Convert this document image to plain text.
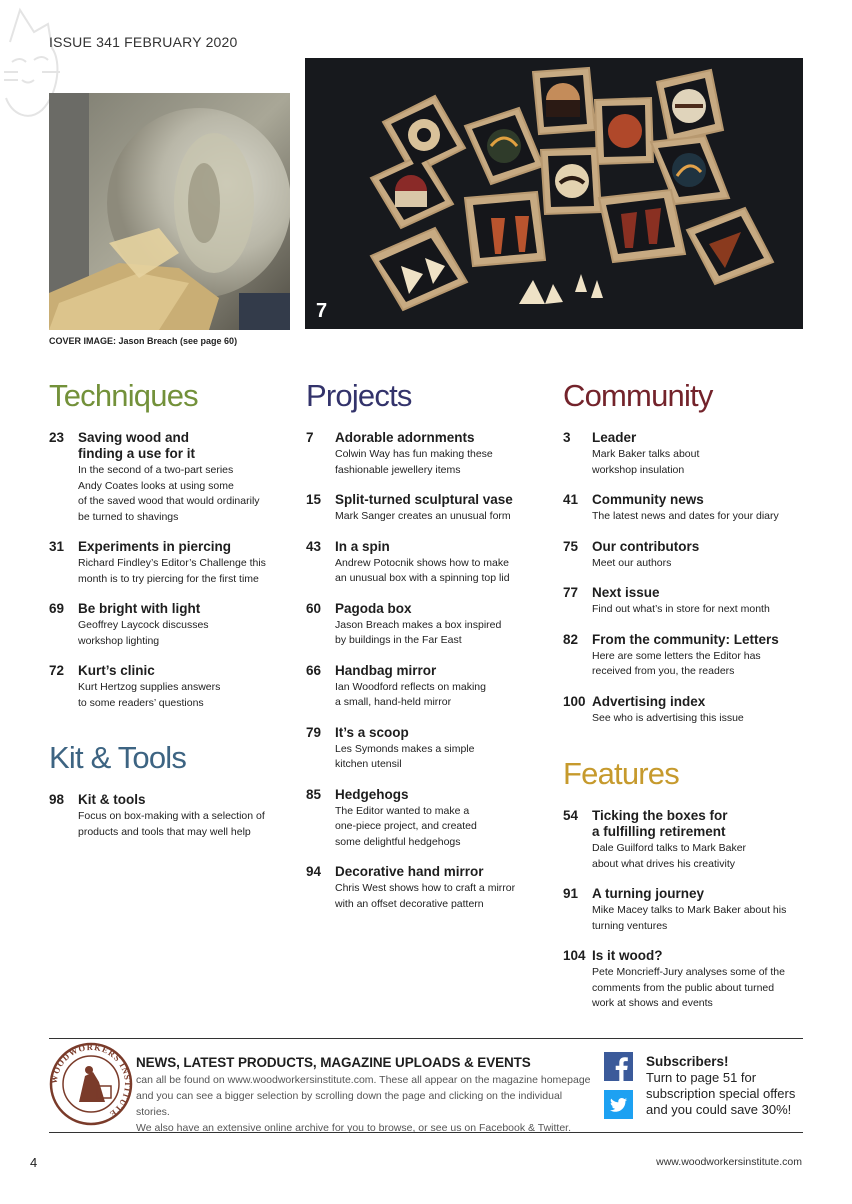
ISSUE 341 FEBRUARY 2020
7
COVER IMAGE: Jason Breach (see page 60)
Techniques
23 Saving wood and
finding a use for it
In the second of a two-part series
Andy Coates looks at using some
of the saved wood that would ordinarily
be turned to shavings
31 Experiments in piercing
Richard Findley’s Editor’s Challenge this
month is to try piercing for the first time
69 Be bright with light
Geoffrey Laycock discusses
workshop lighting
72 Kurt’s clinic
Kurt Hertzog supplies answers
to some readers’ questions
Kit & Tools
98 Kit & tools
Focus on box-making with a selection of
products and tools that may well help
Projects
7 Adorable adornments
Colwin Way has fun making these
fashionable jewellery items
15 Split-turned sculptural vase
Mark Sanger creates an unusual form
43 In a spin
Andrew Potocnik shows how to make
an unusual box with a spinning top lid
60 Pagoda box
Jason Breach makes a box inspired
by buildings in the Far East
66 Handbag mirror
Ian Woodford reflects on making
a small, hand-held mirror
79 It’s a scoop
Les Symonds makes a simple
kitchen utensil
85 Hedgehogs
The Editor wanted to make a
one-piece project, and created
some delightful hedgehogs
94 Decorative hand mirror
Chris West shows how to craft a mirror
with an offset decorative pattern
Community
3 Leader
Mark Baker talks about
workshop insulation
41 Community news
The latest news and dates for your diary
75 Our contributors
Meet our authors
77 Next issue
Find out what’s in store for next month
82 From the community: Letters
Here are some letters the Editor has
received from you, the readers
100 Advertising index
See who is advertising this issue
Features
54 Ticking the boxes for
a fulfilling retirement
Dale Guilford talks to Mark Baker
about what drives his creativity
91 A turning journey
Mike Macey talks to Mark Baker about his
turning ventures
104 Is it wood?
Pete Moncrieff-Jury analyses some of the
comments from the public about turned
work at shows and events
WOODWORKERS INSTITUTE
NEWS, LATEST PRODUCTS, MAGAZINE UPLOADS & EVENTS
can all be found on www.woodworkersinstitute.com. These all appear on the magazine homepage
and you can see a bigger selection by scrolling down the page and clicking on the individual stories.
We also have an extensive online archive for you to browse, or see us on Facebook & Twitter.
Subscribers!
Turn to page 51 for
subscription special offers
and you could save 30%!
4	www.woodworkersinstitute.com
